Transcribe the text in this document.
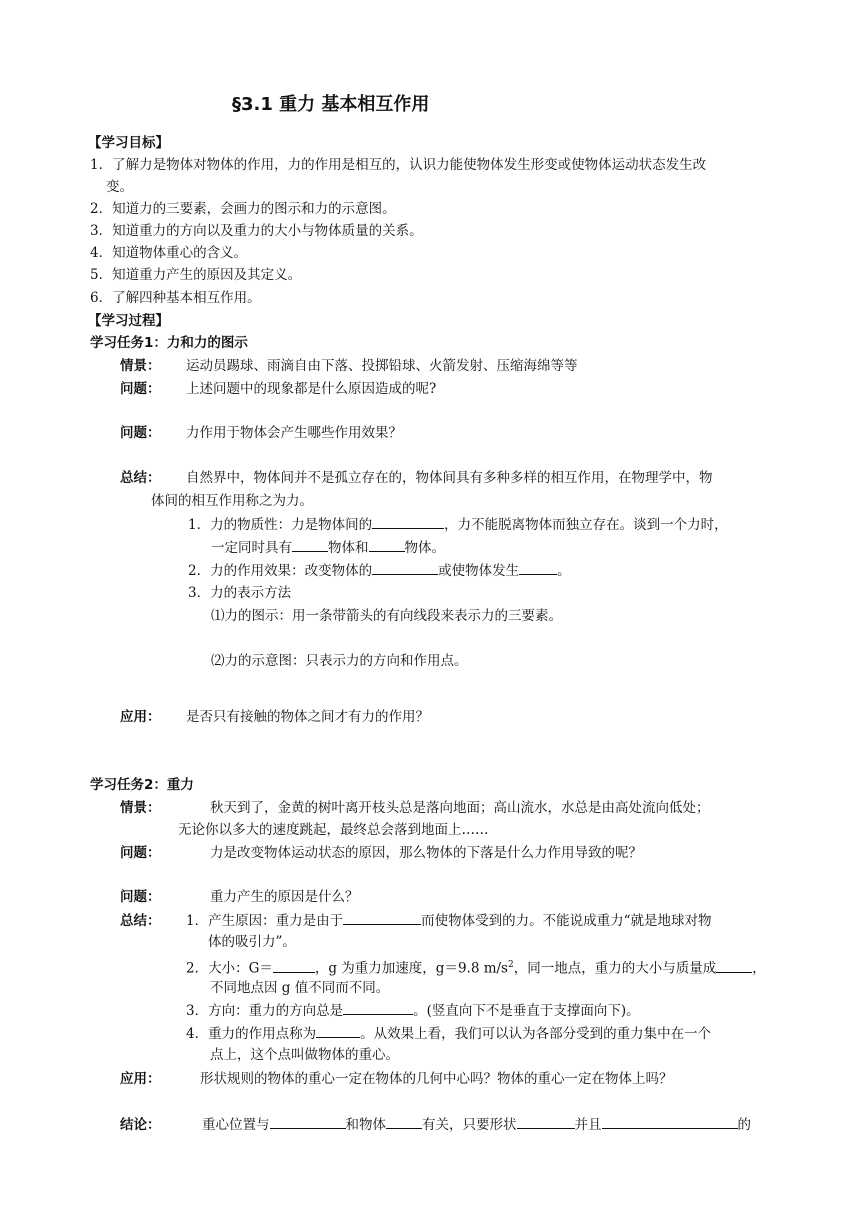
§3.1 重力 基本相互作用
【学习目标】
1．了解力是物体对物体的作用，力的作用是相互的，认识力能使物体发生形变或使物体运动状态发生改
变。
2．知道力的三要素，会画力的图示和力的示意图。
3．知道重力的方向以及重力的大小与物体质量的关系。
4．知道物体重心的含义。
5．知道重力产生的原因及其定义。
6．了解四种基本相互作用。
【学习过程】
学习任务1：力和力的图示
情景： 运动员踢球、雨滴自由下落、投掷铅球、火箭发射、压缩海绵等等
问题： 上述问题中的现象都是什么原因造成的呢?
问题： 力作用于物体会产生哪些作用效果？
总结： 自然界中，物体间并不是孤立存在的，物体间具有多种多样的相互作用，在物理学中，物
体间的相互作用称之为力。
1．力的物质性：力是物体间的	，力不能脱离物体而独立存在。谈到一个力时，
一定同时具有	物体和	物体。
2．力的作用效果：改变物体的	或使物体发生	。
3．力的表示方法
⑴力的图示：用一条带箭头的有向线段来表示力的三要素。
⑵力的示意图：只表示力的方向和作用点。
应用： 是否只有接触的物体之间才有力的作用？
学习任务2：重力
情景：	秋天到了，金黄的树叶离开枝头总是落向地面；高山流水，水总是由高处流向低处；
无论你以多大的速度跳起，最终总会落到地面上……
问题：	力是改变物体运动状态的原因，那么物体的下落是什么力作用导致的呢？
问题：	重力产生的原因是什么？
总结： 1．产生原因：重力是由于	而使物体受到的力。不能说成重力“就是地球对物
体的吸引力”。
2．大小：G＝	，g 为重力加速度，g＝9.8 $m/s^2$，同一地点，重力的大小与质量成	，
不同地点因 g 值不同而不同。
3．方向：重力的方向总是	。(竖直向下不是垂直于支撑面向下)。
4．重力的作用点称为	。从效果上看，我们可以认为各部分受到的重力集中在一个
点上，这个点叫做物体的重心。
应用：	形状规则的物体的重心一定在物体的几何中心吗？物体的重心一定在物体上吗？
结论：	重心位置与	和物体	有关，只要形状	并且	的
